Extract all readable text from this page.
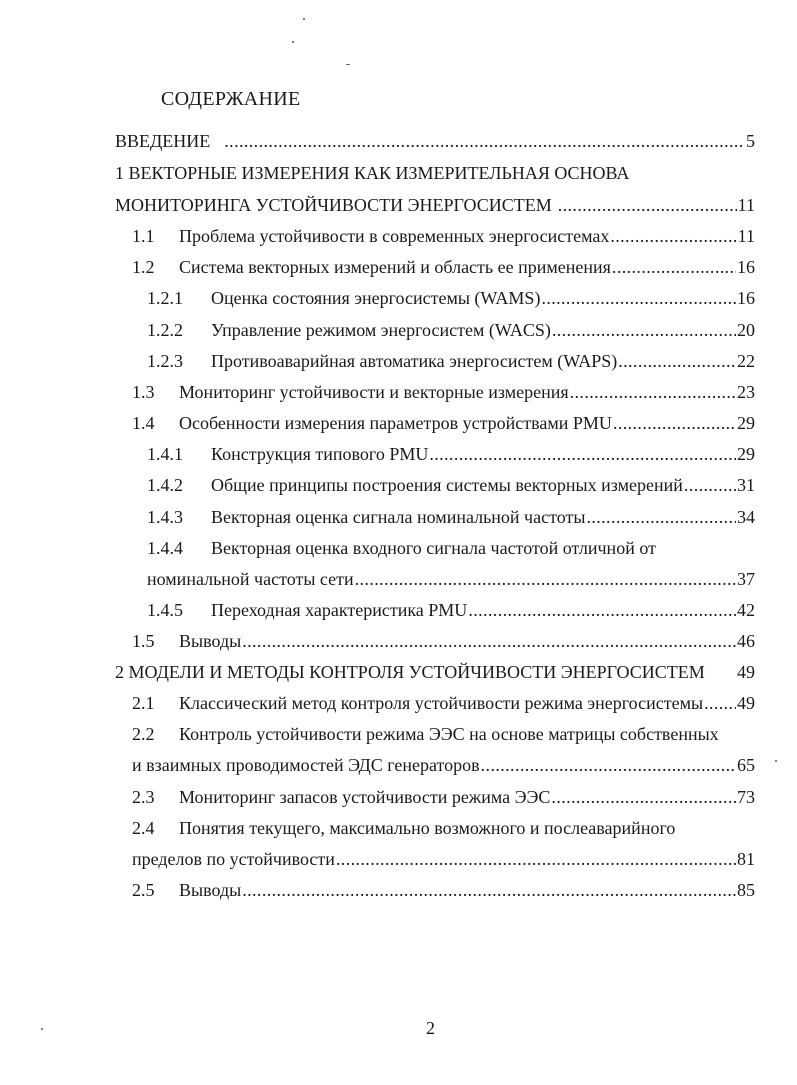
СОДЕРЖАНИЕ
ВВЕДЕНИЕ .....	5
1 ВЕКТОРНЫЕ ИЗМЕРЕНИЯ КАК ИЗМЕРИТЕЛЬНАЯ ОСНОВА
МОНИТОРИНГА УСТОЙЧИВОСТИ ЭНЕРГОСИСТЕМ .....	11
1.1	Проблема устойчивости в современных энергосистемах .....	11
1.2	Система векторных измерений и область ее применения .....	16
1.2.1	Оценка состояния энергосистемы (WAMS) .....	16
1.2.2	Управление режимом энергосистем (WACS) .....	20
1.2.3	Противоаварийная автоматика энергосистем (WAPS) .....	22
1.3	Мониторинг устойчивости и векторные измерения .....	23
1.4	Особенности измерения параметров устройствами PMU .....	29
1.4.1	Конструкция типового PMU .....	29
1.4.2	Общие принципы построения системы векторных измерений .....	31
1.4.3	Векторная оценка сигнала номинальной частоты .....	34
1.4.4 Векторная оценка входного сигнала частотой отличной от
номинальной частоты сети .....	37
1.4.5	Переходная характеристика PMU .....	42
1.5	Выводы .....	46
2 МОДЕЛИ И МЕТОДЫ КОНТРОЛЯ УСТОЙЧИВОСТИ ЭНЕРГОСИСТЕМ 49
2.1	Классический метод контроля устойчивости режима энергосистемы ..... 49
2.2 Контроль устойчивости режима ЭЭС на основе матрицы собственных
и взаимных проводимостей ЭДС генераторов .....	65
2.3	Мониторинг запасов устойчивости режима ЭЭС .....	73
2.4 Понятия текущего, максимально возможного и послеаварийного
пределов по устойчивости .....	81
2.5	Выводы .....	85
2
